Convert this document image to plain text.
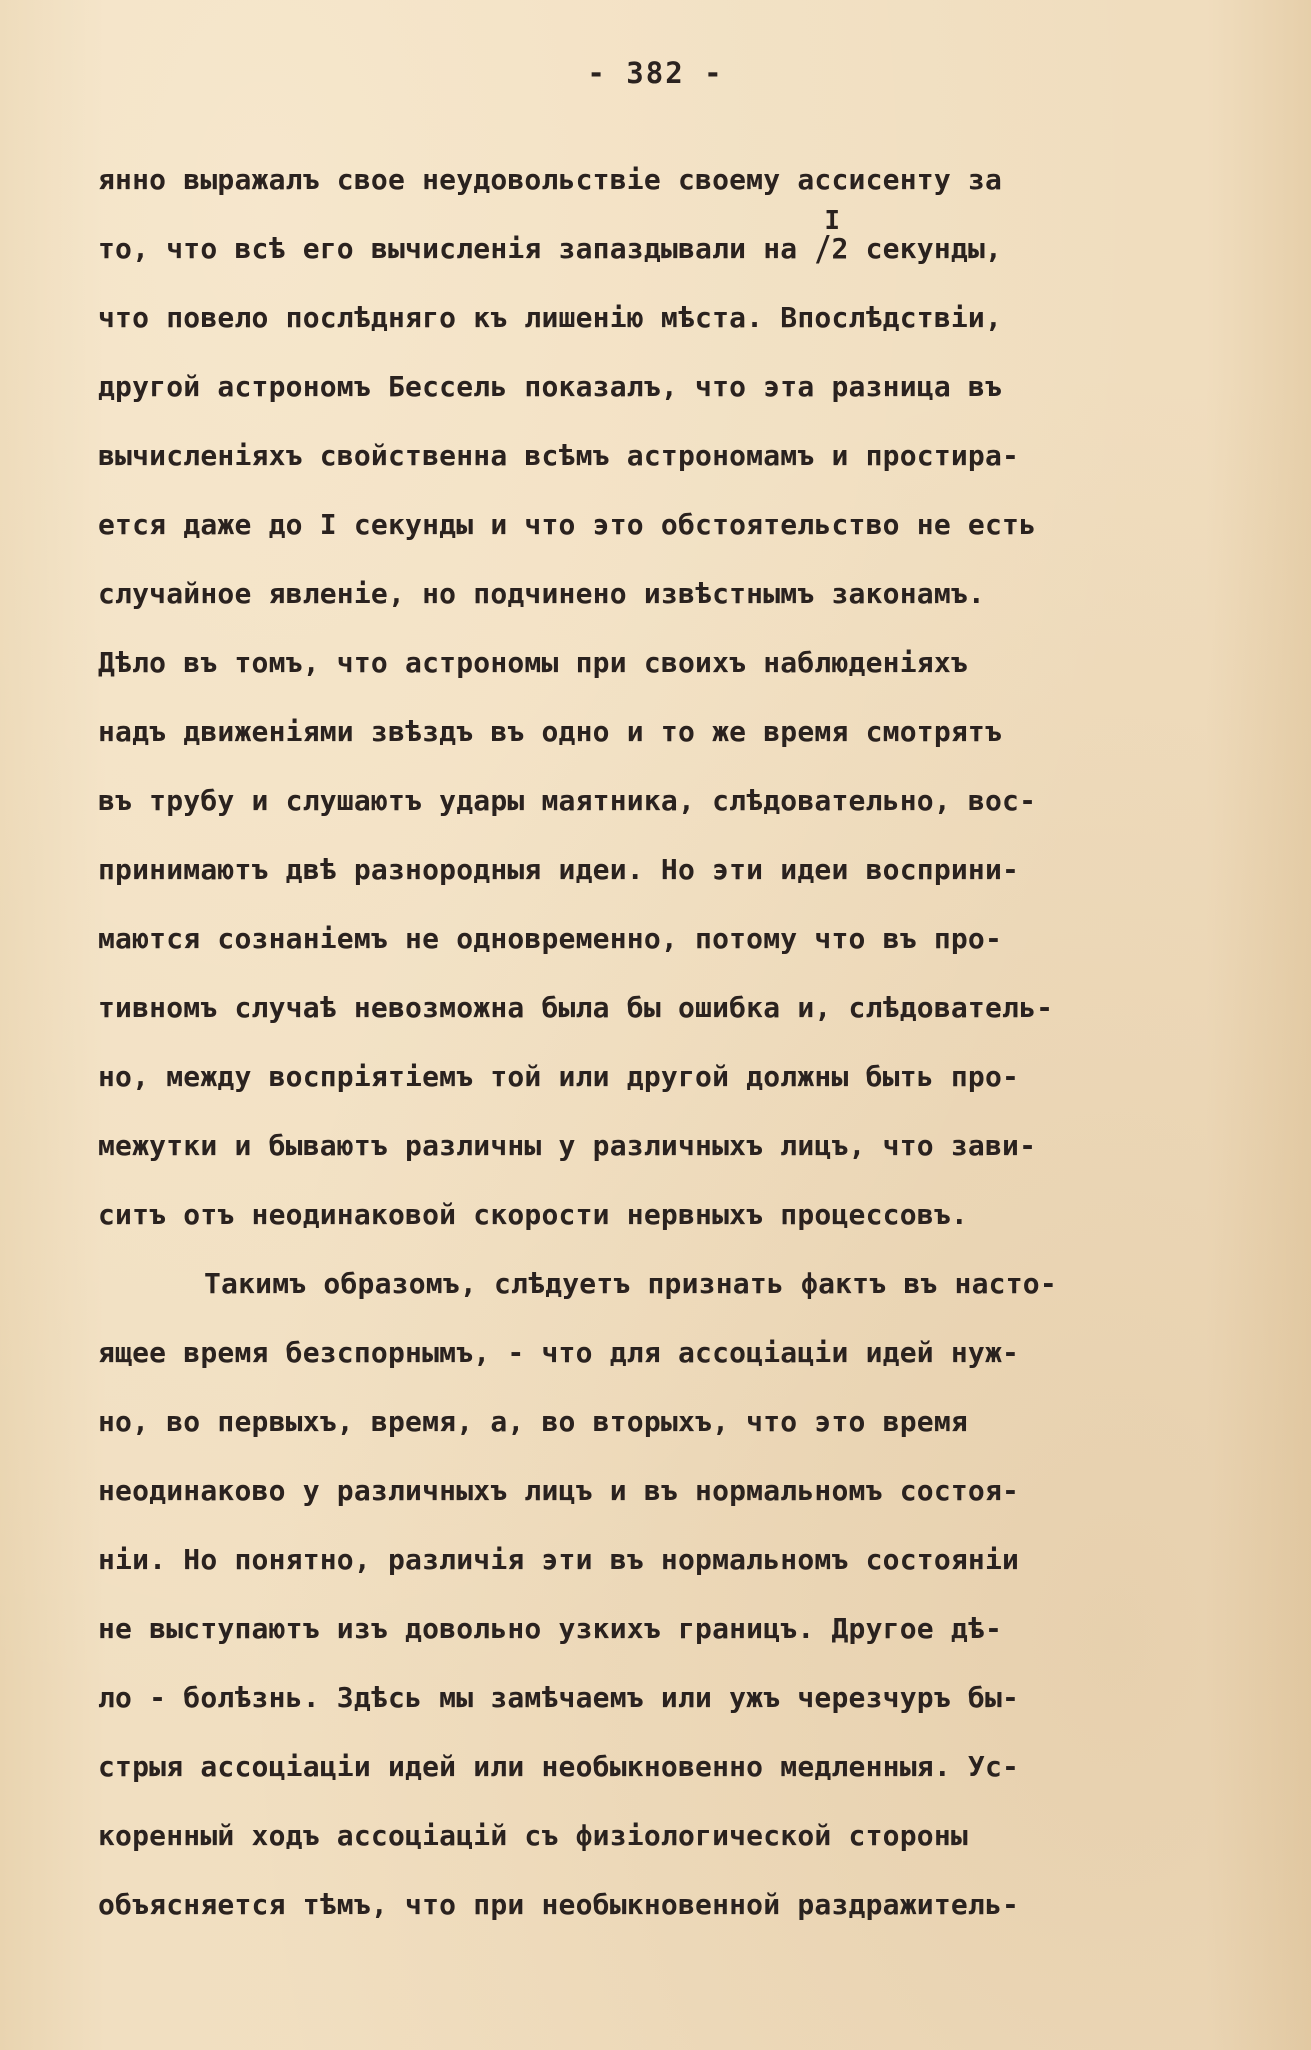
- 382 -
янно выражалъ свое неудовольствіе своему ассисенту за
то, что всѣ его вычисленія запаздывали на
I
/2 секунды,
что повело послѣдняго къ лишенію мѣста. Впослѣдствіи,
другой астрономъ Бессель показалъ, что эта разница въ
вычисленіяхъ свойственна всѣмъ астрономамъ и простира-
ется даже до I секунды и что это обстоятельство не есть
случайное явленіе, но подчинено извѣстнымъ законамъ.
Дѣло въ томъ, что астрономы при своихъ наблюденіяхъ
надъ движеніями звѣздъ въ одно и то же время смотрятъ
въ трубу и слушаютъ удары маятника, слѣдовательно, вос-
принимаютъ двѣ разнородныя идеи. Но эти идеи восприни-
маются сознаніемъ не одновременно, потому что въ про-
тивномъ случаѣ невозможна была бы ошибка и, слѣдователь-
но, между воспріятіемъ той или другой должны быть про-
межутки и бываютъ различны у различныхъ лицъ, что зави-
ситъ отъ неодинаковой скорости нервныхъ процессовъ.
Такимъ образомъ, слѣдуетъ признать фактъ въ насто-
ящее время безспорнымъ, - что для ассоціаціи идей нуж-
но, во первыхъ, время, а, во вторыхъ, что это время
неодинаково у различныхъ лицъ и въ нормальномъ состоя-
ніи. Но понятно, различія эти въ нормальномъ состояніи
не выступаютъ изъ довольно узкихъ границъ. Другое дѣ-
ло - болѣзнь. Здѣсь мы замѣчаемъ или ужъ черезчуръ бы-
стрыя ассоціаціи идей или необыкновенно медленныя. Ус-
коренный ходъ ассоціацій съ физіологической стороны
объясняется тѣмъ, что при необыкновенной раздражитель-
